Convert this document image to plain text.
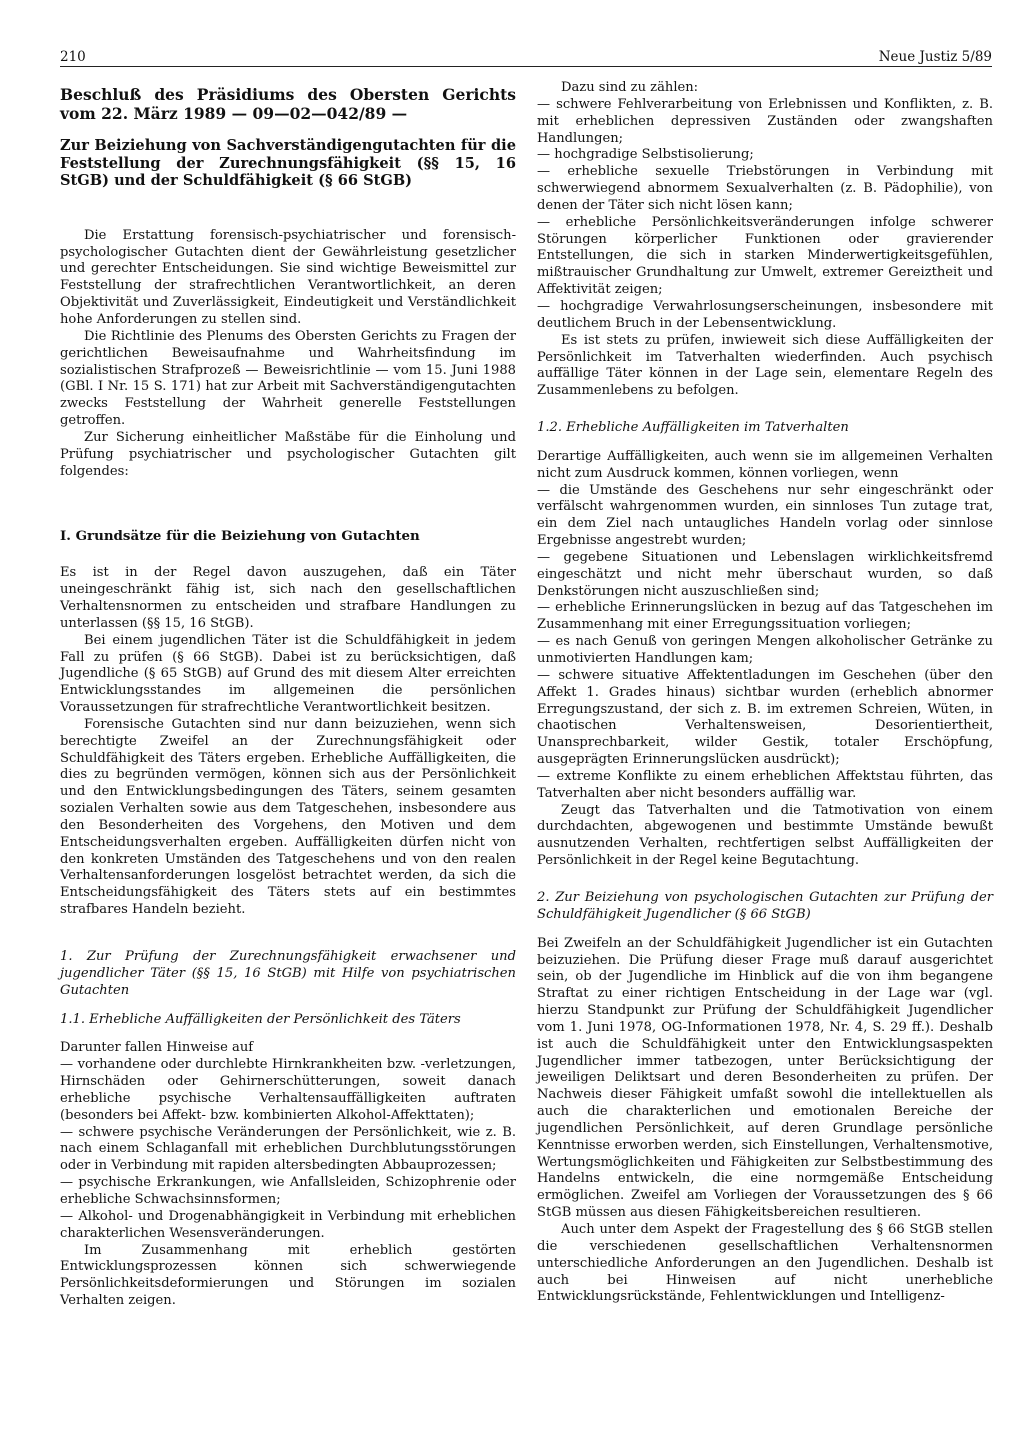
210	Neue Justiz 5/89

Beschluß des Präsidiums des Obersten Gerichts vom 22. März 1989 — 09—02—042/89 —

Zur Beiziehung von Sachverständigengutachten für die Feststellung der Zurechnungsfähigkeit (§§ 15, 16 StGB) und der Schuldfähigkeit (§ 66 StGB)

Die Erstattung forensisch-psychiatrischer und forensisch-psychologischer Gutachten dient der Gewährleistung gesetzlicher und gerechter Entscheidungen. Sie sind wichtige Beweismittel zur Feststellung der strafrechtlichen Verantwortlichkeit, an deren Objektivität und Zuverlässigkeit, Eindeutigkeit und Verständlichkeit hohe Anforderungen zu stellen sind.

Die Richtlinie des Plenums des Obersten Gerichts zu Fragen der gerichtlichen Beweisaufnahme und Wahrheitsfindung im sozialistischen Strafprozeß — Beweisrichtlinie — vom 15. Juni 1988 (GBl. I Nr. 15 S. 171) hat zur Arbeit mit Sachverständigengutachten zwecks Feststellung der Wahrheit generelle Feststellungen getroffen.

Zur Sicherung einheitlicher Maßstäbe für die Einholung und Prüfung psychiatrischer und psychologischer Gutachten gilt folgendes:

I. Grundsätze für die Beiziehung von Gutachten

Es ist in der Regel davon auszugehen, daß ein Täter uneingeschränkt fähig ist, sich nach den gesellschaftlichen Verhaltensnormen zu entscheiden und strafbare Handlungen zu unterlassen (§§ 15, 16 StGB).

Bei einem jugendlichen Täter ist die Schuldfähigkeit in jedem Fall zu prüfen (§ 66 StGB). Dabei ist zu berücksichtigen, daß Jugendliche (§ 65 StGB) auf Grund des mit diesem Alter erreichten Entwicklungsstandes im allgemeinen die persönlichen Voraussetzungen für strafrechtliche Verantwortlichkeit besitzen.

Forensische Gutachten sind nur dann beizuziehen, wenn sich berechtigte Zweifel an der Zurechnungsfähigkeit oder Schuldfähigkeit des Täters ergeben. Erhebliche Auffälligkeiten, die dies zu begründen vermögen, können sich aus der Persönlichkeit und den Entwicklungsbedingungen des Täters, seinem gesamten sozialen Verhalten sowie aus dem Tatgeschehen, insbesondere aus den Besonderheiten des Vorgehens, den Motiven und dem Entscheidungsverhalten ergeben. Auffälligkeiten dürfen nicht von den konkreten Umständen des Tatgeschehens und von den realen Verhaltensanforderungen losgelöst betrachtet werden, da sich die Entscheidungsfähigkeit des Täters stets auf ein bestimmtes strafbares Handeln bezieht.

1. Zur Prüfung der Zurechnungsfähigkeit erwachsener und jugendlicher Täter (§§ 15, 16 StGB) mit Hilfe von psychiatrischen Gutachten

1.1. Erhebliche Auffälligkeiten der Persönlichkeit des Täters

Darunter fallen Hinweise auf

— vorhandene oder durchlebte Hirnkrankheiten bzw. -verletzungen, Hirnschäden oder Gehirnerschütterungen, soweit danach erhebliche psychische Verhaltensauffälligkeiten auftraten (besonders bei Affekt- bzw. kombinierten Alkohol-Affekttaten);

— schwere psychische Veränderungen der Persönlichkeit, wie z. B. nach einem Schlaganfall mit erheblichen Durchblutungsstörungen oder in Verbindung mit rapiden altersbedingten Abbauprozessen;

— psychische Erkrankungen, wie Anfallsleiden, Schizophrenie oder erhebliche Schwachsinnsformen;

— Alkohol- und Drogenabhängigkeit in Verbindung mit erheblichen charakterlichen Wesensveränderungen.

Im Zusammenhang mit erheblich gestörten Entwicklungsprozessen können sich schwerwiegende Persönlichkeitsdeformierungen und Störungen im sozialen Verhalten zeigen.

Dazu sind zu zählen:

— schwere Fehlverarbeitung von Erlebnissen und Konflikten, z. B. mit erheblichen depressiven Zuständen oder zwangshaften Handlungen;

— hochgradige Selbstisolierung;

— erhebliche sexuelle Triebstörungen in Verbindung mit schwerwiegend abnormem Sexualverhalten (z. B. Pädophilie), von denen der Täter sich nicht lösen kann;

— erhebliche Persönlichkeitsveränderungen infolge schwerer Störungen körperlicher Funktionen oder gravierender Entstellungen, die sich in starken Minderwertigkeitsgefühlen, mißtrauischer Grundhaltung zur Umwelt, extremer Gereiztheit und Affektivität zeigen;

— hochgradige Verwahrlosungserscheinungen, insbesondere mit deutlichem Bruch in der Lebensentwicklung.

Es ist stets zu prüfen, inwieweit sich diese Auffälligkeiten der Persönlichkeit im Tatverhalten wiederfinden. Auch psychisch auffällige Täter können in der Lage sein, elementare Regeln des Zusammenlebens zu befolgen.

1.2. Erhebliche Auffälligkeiten im Tatverhalten

Derartige Auffälligkeiten, auch wenn sie im allgemeinen Verhalten nicht zum Ausdruck kommen, können vorliegen, wenn

— die Umstände des Geschehens nur sehr eingeschränkt oder verfälscht wahrgenommen wurden, ein sinnloses Tun zutage trat, ein dem Ziel nach untaugliches Handeln vorlag oder sinnlose Ergebnisse angestrebt wurden;

— gegebene Situationen und Lebenslagen wirklichkeitsfremd eingeschätzt und nicht mehr überschaut wurden, so daß Denkstörungen nicht auszuschließen sind;

— erhebliche Erinnerungslücken in bezug auf das Tatgeschehen im Zusammenhang mit einer Erregungssituation vorliegen;

— es nach Genuß von geringen Mengen alkoholischer Getränke zu unmotivierten Handlungen kam;

— schwere situative Affektentladungen im Geschehen (über den Affekt 1. Grades hinaus) sichtbar wurden (erheblich abnormer Erregungszustand, der sich z. B. im extremen Schreien, Wüten, in chaotischen Verhaltensweisen, Desorientiertheit, Unansprechbarkeit, wilder Gestik, totaler Erschöpfung, ausgeprägten Erinnerungslücken ausdrückt);

— extreme Konflikte zu einem erheblichen Affektstau führten, das Tatverhalten aber nicht besonders auffällig war.

Zeugt das Tatverhalten und die Tatmotivation von einem durchdachten, abgewogenen und bestimmte Umstände bewußt ausnutzenden Verhalten, rechtfertigen selbst Auffälligkeiten der Persönlichkeit in der Regel keine Begutachtung.

2. Zur Beiziehung von psychologischen Gutachten zur Prüfung der Schuldfähigkeit Jugendlicher (§ 66 StGB)

Bei Zweifeln an der Schuldfähigkeit Jugendlicher ist ein Gutachten beizuziehen. Die Prüfung dieser Frage muß darauf ausgerichtet sein, ob der Jugendliche im Hinblick auf die von ihm begangene Straftat zu einer richtigen Entscheidung in der Lage war (vgl. hierzu Standpunkt zur Prüfung der Schuldfähigkeit Jugendlicher vom 1. Juni 1978, OG-Informationen 1978, Nr. 4, S. 29 ff.). Deshalb ist auch die Schuldfähigkeit unter den Entwicklungsaspekten Jugendlicher immer tatbezogen, unter Berücksichtigung der jeweiligen Deliktsart und deren Besonderheiten zu prüfen. Der Nachweis dieser Fähigkeit umfaßt sowohl die intellektuellen als auch die charakterlichen und emotionalen Bereiche der jugendlichen Persönlichkeit, auf deren Grundlage persönliche Kenntnisse erworben werden, sich Einstellungen, Verhaltensmotive, Wertungsmöglichkeiten und Fähigkeiten zur Selbstbestimmung des Handelns entwickeln, die eine normgemäße Entscheidung ermöglichen. Zweifel am Vorliegen der Voraussetzungen des § 66 StGB müssen aus diesen Fähigkeitsbereichen resultieren.

Auch unter dem Aspekt der Fragestellung des § 66 StGB stellen die verschiedenen gesellschaftlichen Verhaltensnormen unterschiedliche Anforderungen an den Jugendlichen. Deshalb ist auch bei Hinweisen auf nicht unerhebliche Entwicklungsrückstände, Fehlentwicklungen und Intelligenz-
